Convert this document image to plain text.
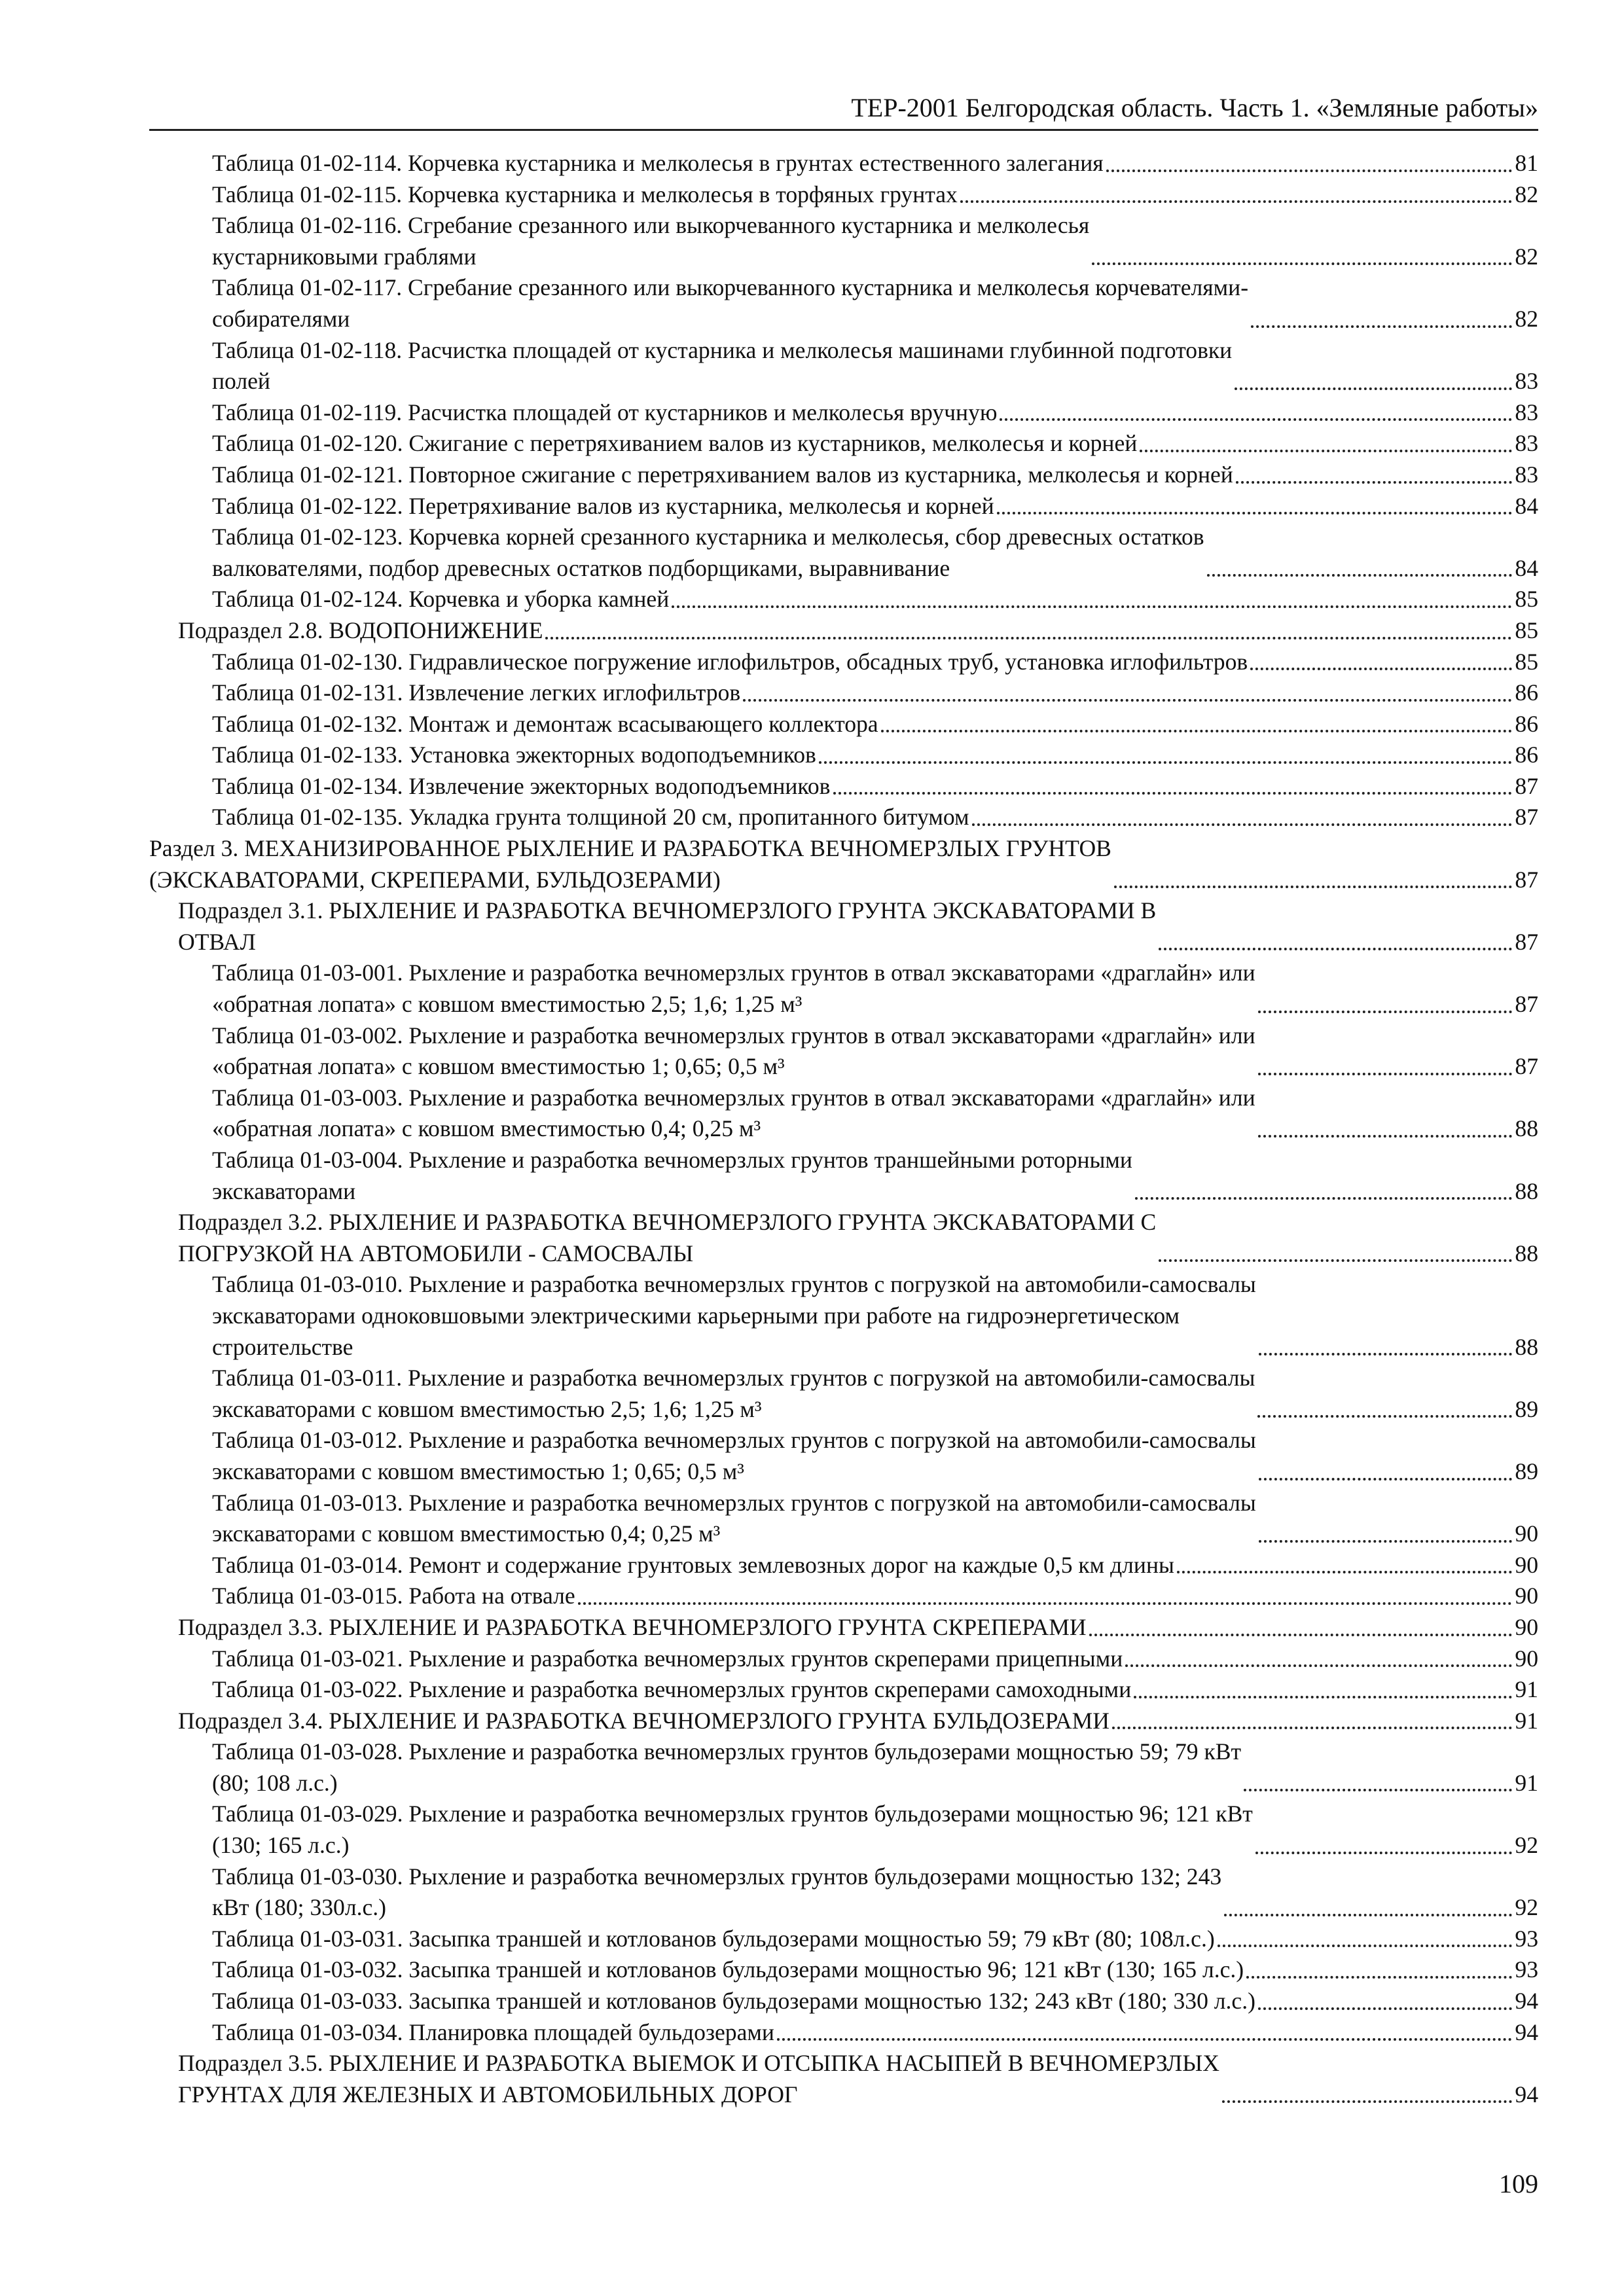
ТЕР-2001 Белгородская область. Часть 1. «Земляные работы»
Таблица 01-02-114. Корчевка кустарника и мелколесья в грунтах естественного залегания	81
Таблица 01-02-115. Корчевка кустарника и мелколесья в торфяных грунтах	82
Таблица 01-02-116. Сгребание срезанного или выкорчеванного кустарника и мелколесья
кустарниковыми граблями	82
Таблица 01-02-117. Сгребание срезанного или выкорчеванного кустарника и мелколесья корчевателями-
собирателями	82
Таблица 01-02-118. Расчистка площадей от кустарника и мелколесья машинами глубинной подготовки
полей	83
Таблица 01-02-119. Расчистка площадей от кустарников и мелколесья вручную	83
Таблица 01-02-120. Сжигание с перетряхиванием валов из кустарников, мелколесья и корней	83
Таблица 01-02-121. Повторное сжигание с перетряхиванием валов из кустарника, мелколесья и корней	83
Таблица 01-02-122. Перетряхивание валов из кустарника, мелколесья и корней	84
Таблица 01-02-123. Корчевка корней срезанного кустарника и мелколесья, сбор древесных остатков
валкователями, подбор древесных остатков подборщиками, выравнивание	84
Таблица 01-02-124. Корчевка и уборка камней	85
Подраздел 2.8. ВОДОПОНИЖЕНИЕ	85
Таблица 01-02-130. Гидравлическое погружение иглофильтров, обсадных труб, установка иглофильтров	85
Таблица 01-02-131. Извлечение легких иглофильтров	86
Таблица 01-02-132. Монтаж и демонтаж всасывающего коллектора	86
Таблица 01-02-133. Установка эжекторных водоподъемников	86
Таблица 01-02-134. Извлечение эжекторных водоподъемников	87
Таблица 01-02-135. Укладка грунта толщиной 20 см, пропитанного битумом	87
Раздел 3. МЕХАНИЗИРОВАННОЕ РЫХЛЕНИЕ И РАЗРАБОТКА ВЕЧНОМЕРЗЛЫХ ГРУНТОВ
(ЭКСКАВАТОРАМИ, СКРЕПЕРАМИ, БУЛЬДОЗЕРАМИ)	87
Подраздел 3.1. РЫХЛЕНИЕ И РАЗРАБОТКА ВЕЧНОМЕРЗЛОГО ГРУНТА ЭКСКАВАТОРАМИ В
ОТВАЛ	87
Таблица 01-03-001. Рыхление и разработка вечномерзлых грунтов в отвал экскаваторами «драглайн» или
«обратная лопата» с ковшом вместимостью 2,5; 1,6; 1,25 м³	87
Таблица 01-03-002. Рыхление и разработка вечномерзлых грунтов в отвал экскаваторами «драглайн» или
«обратная лопата» с ковшом вместимостью 1; 0,65; 0,5 м³	87
Таблица 01-03-003. Рыхление и разработка вечномерзлых грунтов в отвал экскаваторами «драглайн» или
«обратная лопата» с ковшом вместимостью 0,4; 0,25 м³	88
Таблица 01-03-004. Рыхление и разработка вечномерзлых грунтов траншейными роторными
экскаваторами	88
Подраздел 3.2. РЫХЛЕНИЕ И РАЗРАБОТКА ВЕЧНОМЕРЗЛОГО ГРУНТА ЭКСКАВАТОРАМИ С
ПОГРУЗКОЙ НА АВТОМОБИЛИ - САМОСВАЛЫ	88
Таблица 01-03-010. Рыхление и разработка вечномерзлых грунтов с погрузкой на автомобили-самосвалы
экскаваторами одноковшовыми электрическими карьерными при работе на гидроэнергетическом
строительстве	88
Таблица 01-03-011. Рыхление и разработка вечномерзлых грунтов с погрузкой на автомобили-самосвалы
экскаваторами с ковшом вместимостью 2,5; 1,6; 1,25 м³	89
Таблица 01-03-012. Рыхление и разработка вечномерзлых грунтов с погрузкой на автомобили-самосвалы
экскаваторами с ковшом вместимостью 1; 0,65; 0,5 м³	89
Таблица 01-03-013. Рыхление и разработка вечномерзлых грунтов с погрузкой на автомобили-самосвалы
экскаваторами с ковшом вместимостью 0,4; 0,25 м³	90
Таблица 01-03-014. Ремонт и содержание грунтовых землевозных дорог на каждые 0,5 км длины	90
Таблица 01-03-015. Работа на отвале	90
Подраздел 3.3. РЫХЛЕНИЕ И РАЗРАБОТКА ВЕЧНОМЕРЗЛОГО ГРУНТА СКРЕПЕРАМИ	90
Таблица 01-03-021. Рыхление и разработка вечномерзлых грунтов скреперами прицепными	90
Таблица 01-03-022. Рыхление и разработка вечномерзлых грунтов скреперами самоходными	91
Подраздел 3.4. РЫХЛЕНИЕ И РАЗРАБОТКА ВЕЧНОМЕРЗЛОГО ГРУНТА БУЛЬДОЗЕРАМИ	91
Таблица 01-03-028. Рыхление и разработка вечномерзлых грунтов бульдозерами мощностью 59; 79 кВт
(80; 108 л.с.)	91
Таблица 01-03-029. Рыхление и разработка вечномерзлых грунтов бульдозерами мощностью 96; 121 кВт
(130; 165 л.с.)	92
Таблица 01-03-030. Рыхление и разработка вечномерзлых грунтов бульдозерами мощностью 132; 243
кВт (180; 330л.с.)	92
Таблица 01-03-031. Засыпка траншей и котлованов бульдозерами мощностью 59; 79 кВт (80; 108л.с.)	93
Таблица 01-03-032. Засыпка траншей и котлованов бульдозерами мощностью 96; 121 кВт (130; 165 л.с.)	93
Таблица 01-03-033. Засыпка траншей и котлованов бульдозерами мощностью 132; 243 кВт (180; 330 л.с.)	94
Таблица 01-03-034. Планировка площадей бульдозерами	94
Подраздел 3.5. РЫХЛЕНИЕ И РАЗРАБОТКА ВЫЕМОК И ОТСЫПКА НАСЫПЕЙ В ВЕЧНОМЕРЗЛЫХ
ГРУНТАХ ДЛЯ ЖЕЛЕЗНЫХ И АВТОМОБИЛЬНЫХ ДОРОГ	94
109
